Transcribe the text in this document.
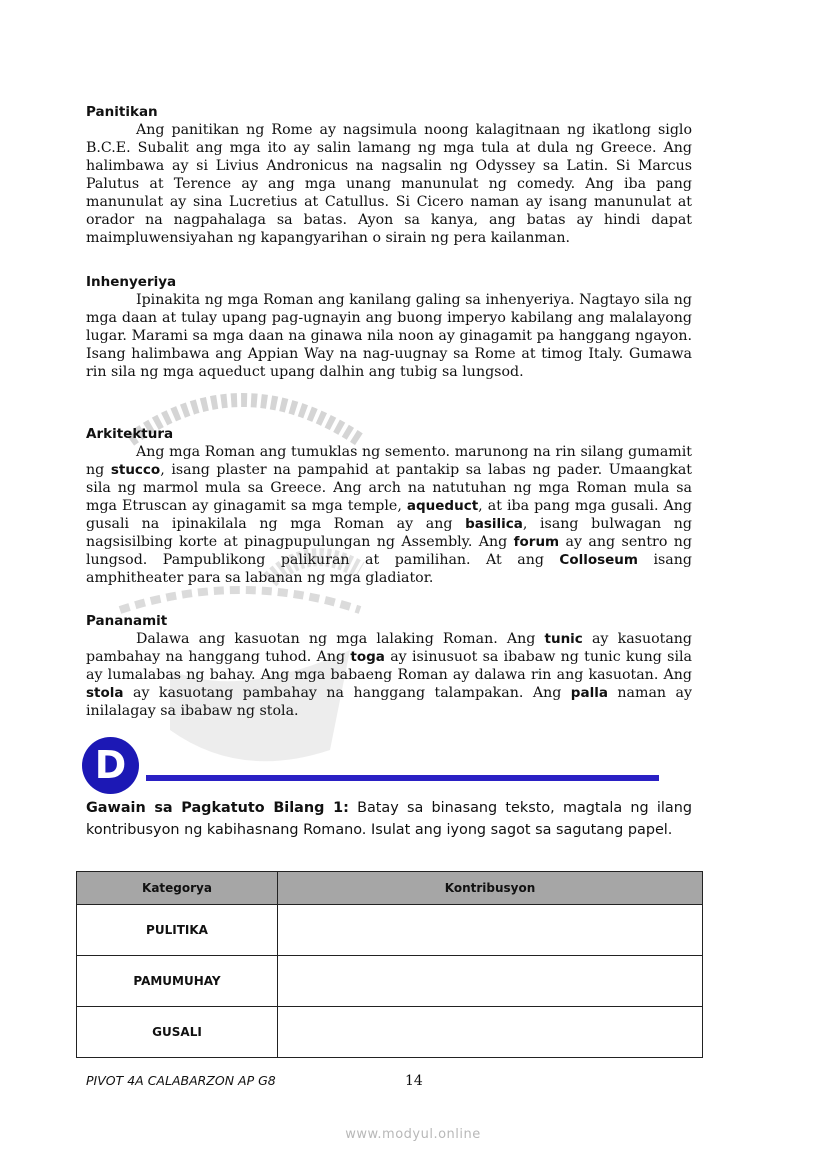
Panitikan

Ang panitikan ng Rome ay nagsimula noong kalagitnaan ng ikatlong siglo B.C.E. Subalit ang mga ito ay salin lamang ng mga tula at dula ng Greece. Ang halimbawa ay si Livius Andronicus na nagsalin ng Odyssey sa Latin. Si Marcus Palutus at Terence ay ang mga unang manunulat ng comedy. Ang iba pang manunulat ay sina Lucretius at Catullus. Si Cicero naman ay isang manunulat at orador na nagpahalaga sa batas. Ayon sa kanya, ang batas ay hindi dapat maimpluwensiyahan ng kapangyarihan o sirain ng pera kailanman.

Inhenyeriya

Ipinakita ng mga Roman ang kanilang galing sa inhenyeriya. Nagtayo sila ng mga daan at tulay upang pag-ugnayin ang buong imperyo kabilang ang malalayong lugar. Marami sa mga daan na ginawa nila noon ay ginagamit pa hanggang ngayon. Isang halimbawa ang Appian Way na nag-uugnay sa Rome at timog Italy. Gumawa rin sila ng mga aqueduct upang dalhin ang tubig sa lungsod.

Arkitektura

Ang mga Roman ang tumuklas ng semento. marunong na rin silang gumamit ng stucco, isang plaster na pampahid at pantakip sa labas ng pader. Umaangkat sila ng marmol mula sa Greece. Ang arch na natutuhan ng mga Roman mula sa mga Etruscan ay ginagamit sa mga temple, aqueduct, at iba pang mga gusali. Ang gusali na ipinakilala ng mga Roman ay ang basilica, isang bulwagan ng nagsisilbing korte at pinagpupulungan ng Assembly. Ang forum ay ang sentro ng lungsod. Pampublikong palikuran at pamilihan. At ang Colloseum isang amphitheater para sa labanan ng mga gladiator.

Pananamit

Dalawa ang kasuotan ng mga lalaking Roman. Ang tunic ay kasuotang pambahay na hanggang tuhod. Ang toga ay isinusuot sa ibabaw ng tunic kung sila ay lumalabas ng bahay. Ang mga babaeng Roman ay dalawa rin ang kasuotan. Ang stola ay kasuotang pambahay na hanggang talampakan. Ang palla naman ay inilalagay sa ibabaw ng stola.

D

Gawain sa Pagkatuto Bilang 1: Batay sa binasang teksto, magtala ng ilang kontribusyon ng kabihasnang Romano. Isulat ang iyong sagot sa sagutang papel.

Kategorya	Kontribusyon
PULITIKA	
PAMUMUHAY	
GUSALI	
PIVOT 4A CALABARZON AP G8	14
www.modyul.online
